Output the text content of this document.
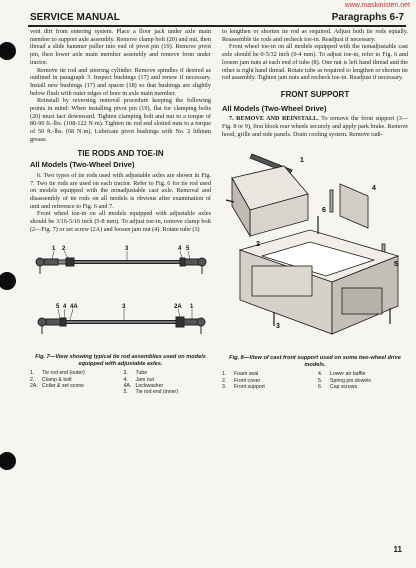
www.maskinisten.net
SERVICE MANUAL	Paragraphs 6-7

vent dirt from entering system. Place a floor jack under axle main member to support axle assembly. Remove clamp bolt (20) and nut, then thread a slide hammer puller into end of pivot pin (19). Remove pivot pin, then lower axle main member assembly and remove from under tractor.

Remove tie rod and steering cylinder. Remove spindles if desired as outlined in paragraph 3. Inspect bushings (17) and renew if necessary. Install new bushings (17) and spacer (18) so that bushings are slightly below flush with outer edges of bore in axle main member.

Reinstall by reversing removal procedure keeping the following points in mind: When installing pivot pin (19), flat for clamping bolts (20) must fact downward. Tighten clamping bolt and nut to a torque of 80-90 ft.-lbs. (108-122 N·m). Tighten tie rod end slotted nuts to a torque of 50 ft.-lbs. (68 N·m). Lubricate pivot bushings with No. 2 lithium grease.

TIE RODS AND TOE-IN
All Models (Two-Wheel Drive)

6. Two types of tie rods used with adjustable axles are shown in Fig. 7. Two tie rods are used on each tractor. Refer to Fig. 6 for tie rod used on models equipped with the nonadjustable cast axle. Removal and disassembly of tie rods on all models is obvious after examination of unit and reference to Fig. 6 and 7.

Front wheel toe-in on all models equipped with adjustable axles should be 3/16-5/16 inch (5-8 mm). To adjust toe-in, remove clamp bolt (2—Fig. 7) or set screw (2A) and loosen jam nut (4). Rotate tube (3)

1 2	3	4 5
5 4 4A	3	2A 1
Fig. 7—View showing typical tie rod assemblies used on models equipped with adjustable axles.
1. Tie rod end (outer)	3. Tube
2. Clamp & bolt	4. Jam nut
2A. Collar & set screw	4A. Lockwasher
5. Tie rod end (inner)

to lengthen or shorten tie rod as required. Adjust both tie rods equally. Reassemble tie rods and recheck toe-in. Readjust if necessary.

Front wheel toe-in on all models equipped with the nonadjustable cast axle should be 0-5/32 inch (0-4 mm). To adjust toe-in, refer to Fig. 6 and loosen jam nuts at each end of tube (8). One nut is left hand thread and the other is right hand thread. Rotate tube as required to lengthen or shorten tie rod assembly. Tighten jam nuts and recheck toe-in. Readjust if necessary.

FRONT SUPPORT
All Models (Two-Wheel Drive)

7. REMOVE AND REINSTALL. To remove the front support (3—Fig. 8 or 9), first block rear wheels securely and apply park brake. Remove hood, grille and side panels. Drain cooling system. Remove radi-

1
2
3
4
5
6
Fig. 8—View of cast front support used on some two-wheel drive models.
1. Foam seal	4. Lower air baffle
2. Front cover	5. Spring pin dowels
3. Front support	6. Cap screws
11
